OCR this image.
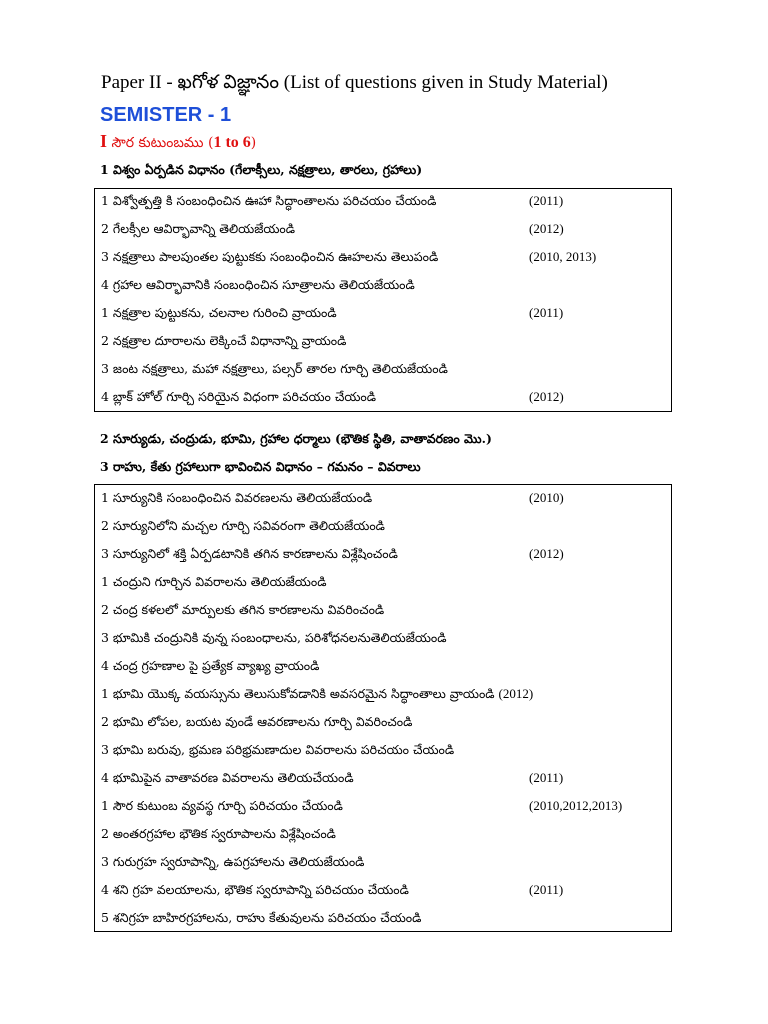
Paper II - ఖగోళ విజ్ఞానం (List of questions given in Study Material)
SEMISTER - 1
I సౌర కుటుంబము (1 to 6)
1 విశ్వం ఏర్పడిన విధానం (గేలాక్సీలు, నక్షత్రాలు, తారలు, గ్రహాలు)
1 విశ్వోత్పత్తి కి సంబంధించిన ఊహా సిద్ధాంతాలను పరిచయం చేయండి	(2011)
2 గేలక్సీల ఆవిర్భావాన్ని తెలియజేయండి	(2012)
3 నక్షత్రాలు పాలపుంతల పుట్టుకకు సంబంధించిన ఊహలను తెలుపండి	(2010, 2013)
4 గ్రహాల ఆవిర్భావానికి సంబంధించిన సూత్రాలను తెలియజేయండి
1 నక్షత్రాల పుట్టుకను, చలనాల గురించి వ్రాయండి	(2011)
2 నక్షత్రాల దూరాలను లెక్కించే విధానాన్ని వ్రాయండి
3 జంట నక్షత్రాలు, మహా నక్షత్రాలు, పల్సర్ తారల గూర్చి తెలియజేయండి
4 బ్లాక్ హోల్ గూర్చి సరియైన విధంగా పరిచయం చేయండి	(2012)
2 సూర్యుడు, చంద్రుడు, భూమి, గ్రహాల ధర్మాలు (భౌతిక స్థితి, వాతావరణం మొ.)
3 రాహు, కేతు గ్రహాలుగా భావించిన విధానం – గమనం – వివరాలు
1 సూర్యునికి సంబంధించిన వివరణలను తెలియజేయండి	(2010)
2 సూర్యునిలోని మచ్చల గూర్చి సవివరంగా తెలియజేయండి
3 సూర్యునిలో శక్తి ఏర్పడటానికి తగిన కారణాలను విశ్లేషించండి	(2012)
1 చంద్రుని గూర్చిన వివరాలను తెలియజేయండి
2 చంద్ర కళలలో మార్పులకు తగిన కారణాలను వివరించండి
3 భూమికి చంద్రునికి వున్న సంబంధాలను, పరిశోధనలనుతెలియజేయండి
4 చంద్ర గ్రహణాల పై ప్రత్యేక వ్యాఖ్య వ్రాయండి
1 భూమి యొక్క వయస్సును తెలుసుకోవడానికి అవసరమైన సిద్ధాంతాలు వ్రాయండి (2012)
2 భూమి లోపల, బయట వుండే ఆవరణాలను గూర్చి వివరించండి
3 భూమి బరువు, భ్రమణ పరిభ్రమణాదుల వివరాలను పరిచయం చేయండి
4 భూమిపైన వాతావరణ వివరాలను తెలియచేయండి	(2011)
1 సౌర కుటుంబ వ్యవస్థ గూర్చి పరిచయం చేయండి	(2010,2012,2013)
2 అంతరగ్రహాల భౌతిక స్వరూపాలను విశ్లేషించండి
3 గురుగ్రహ స్వరూపాన్ని, ఉపగ్రహాలను తెలియజేయండి
4 శని గ్రహ వలయాలను, భౌతిక స్వరూపాన్ని పరిచయం చేయండి	(2011)
5 శనిగ్రహ బాహిరగ్రహాలను, రాహు కేతువులను పరిచయం చేయండి
